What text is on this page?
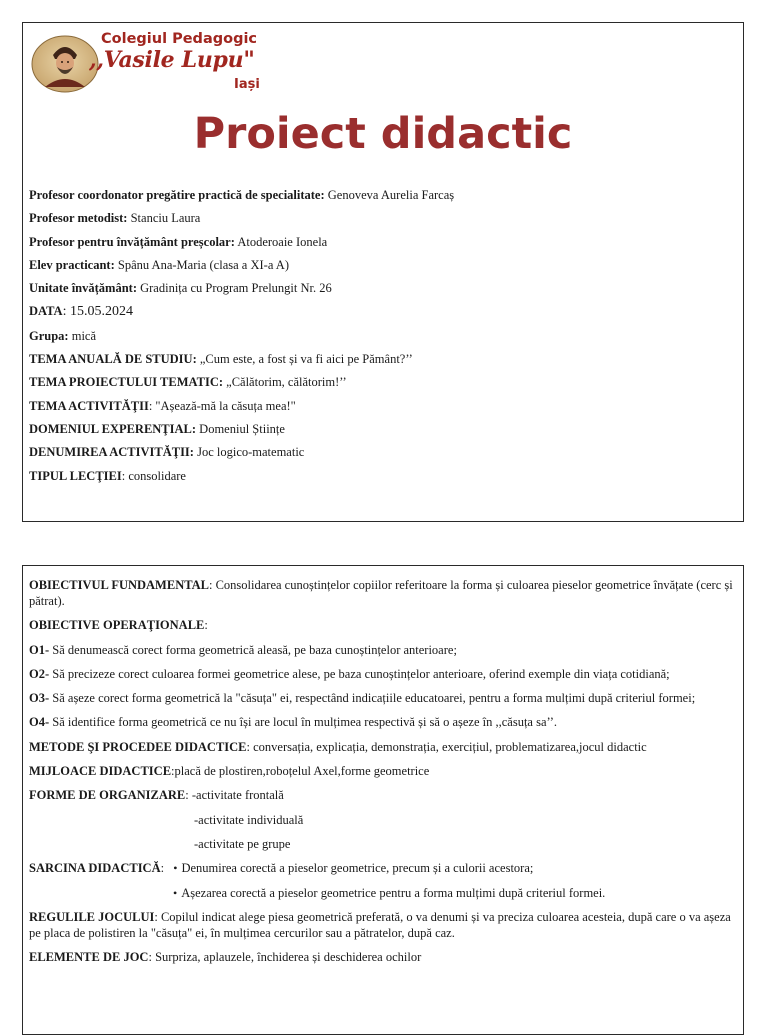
Colegiul Pedagogic
,,Vasile Lupu"
Iași
Proiect didactic
Profesor coordonator pregătire practică de specialitate: Genoveva Aurelia Farcaș
Profesor metodist: Stanciu Laura
Profesor pentru învățământ preșcolar: Atoderoaie Ionela
Elev practicant: Spânu Ana-Maria (clasa a XI-a A)
Unitate învățământ: Gradinița cu Program Prelungit Nr. 26
DATA: 15.05.2024
Grupa: mică
TEMA ANUALĂ DE STUDIU: „Cum este, a fost și va fi aici pe Pământ?’’
TEMA PROIECTULUI TEMATIC: „Călătorim, călătorim!’’
TEMA ACTIVITĂŢII: "Așează-mă la căsuța mea!"
DOMENIUL EXPERENŢIAL: Domeniul Științe
DENUMIREA ACTIVITĂŢII: Joc logico-matematic
TIPUL LECŢIEI: consolidare
OBIECTIVUL FUNDAMENTAL: Consolidarea cunoștințelor copiilor referitoare la forma și culoarea pieselor geometrice învățate (cerc și pătrat).
OBIECTIVE OPERAŢIONALE:
O1- Să denumească corect forma geometrică aleasă, pe baza cunoștințelor anterioare;
O2- Să precizeze corect culoarea formei geometrice alese, pe baza cunoștințelor anterioare, oferind exemple din viața cotidiană;
O3- Să așeze corect forma geometrică la "căsuța" ei, respectând indicațiile educatoarei, pentru a forma mulțimi după criteriul formei;
O4- Să identifice forma geometrică ce nu își are locul în mulțimea respectivă și să o așeze în ,,căsuța sa’’.
METODE ŞI PROCEDEE DIDACTICE: conversația, explicația, demonstrația, exercițiul, problematizarea,jocul didactic
MIJLOACE DIDACTICE:placă de plostiren,roboțelul Axel,forme geometrice
FORME DE ORGANIZARE: -activitate frontală
-activitate individuală
-activitate pe grupe
SARCINA DIDACTICĂ:   • Denumirea corectă a pieselor geometrice, precum și a culorii acestora;
• Așezarea corectă a pieselor geometrice pentru a forma mulțimi după criteriul formei.
REGULILE JOCULUI: Copilul indicat alege piesa geometrică preferată, o va denumi și va preciza culoarea acesteia, după care o va așeza pe placa de polistiren la "căsuța" ei, în mulțimea cercurilor sau a pătratelor, după caz.
ELEMENTE DE JOC: Surpriza, aplauzele, închiderea și deschiderea ochilor
